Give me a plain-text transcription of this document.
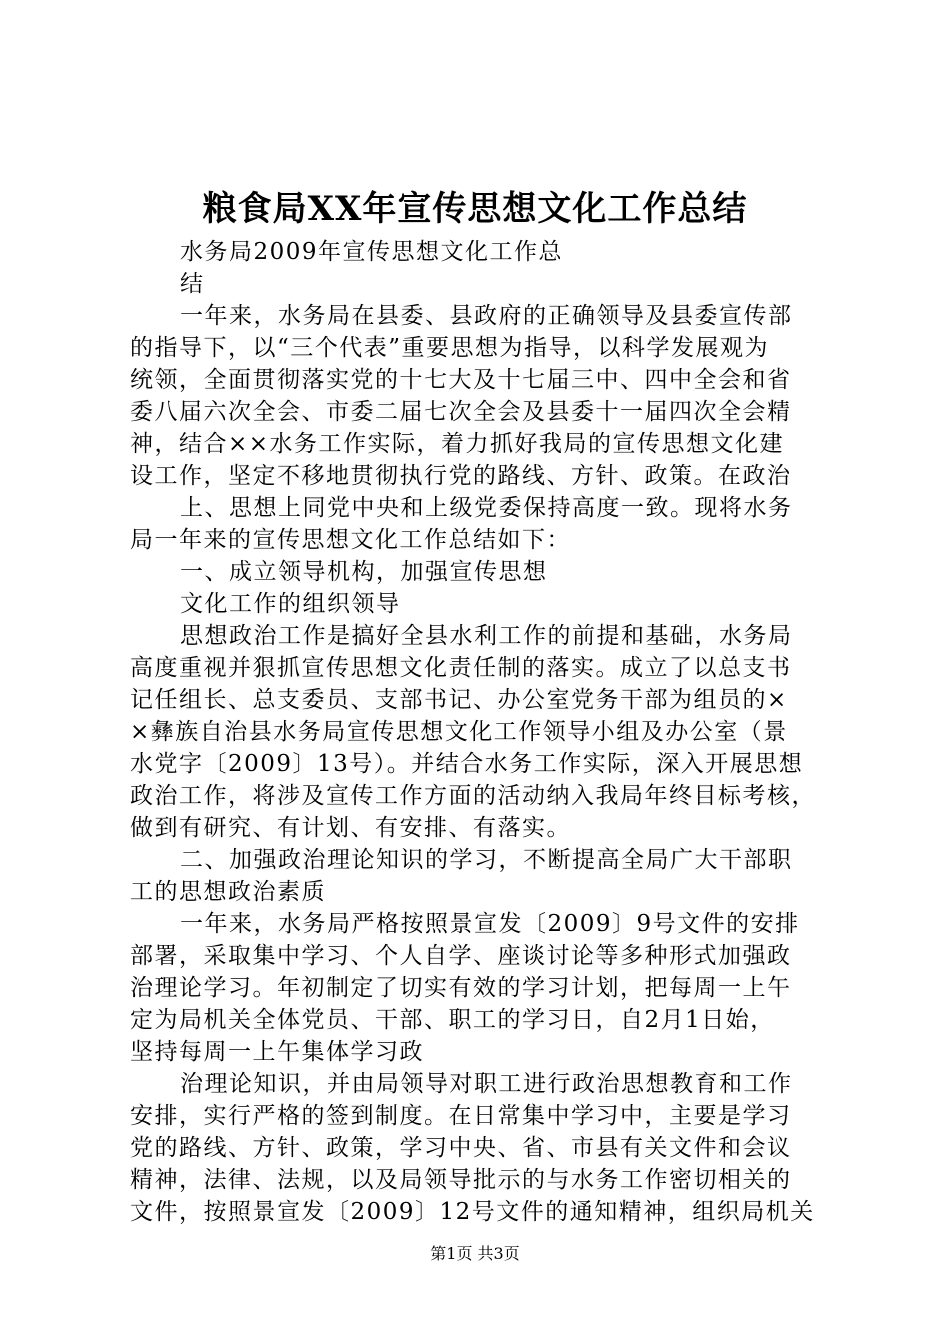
粮食局XX年宣传思想文化工作总结
水务局2009年宣传思想文化工作总
结
一年来，水务局在县委、县政府的正确领导及县委宣传部
的指导下，以“三个代表”重要思想为指导，以科学发展观为
统领，全面贯彻落实党的十七大及十七届三中、四中全会和省
委八届六次全会、市委二届七次全会及县委十一届四次全会精
神，结合××水务工作实际，着力抓好我局的宣传思想文化建
设工作，坚定不移地贯彻执行党的路线、方针、政策。在政治
上、思想上同党中央和上级党委保持高度一致。现将水务
局一年来的宣传思想文化工作总结如下：
一、成立领导机构，加强宣传思想
文化工作的组织领导
思想政治工作是搞好全县水利工作的前提和基础，水务局
高度重视并狠抓宣传思想文化责任制的落实。成立了以总支书
记任组长、总支委员、支部书记、办公室党务干部为组员的×
×彝族自治县水务局宣传思想文化工作领导小组及办公室（景
水党字〔2009〕13号）。并结合水务工作实际，深入开展思想
政治工作，将涉及宣传工作方面的活动纳入我局年终目标考核，
做到有研究、有计划、有安排、有落实。
二、加强政治理论知识的学习，不断提高全局广大干部职
工的思想政治素质
一年来，水务局严格按照景宣发〔2009〕9号文件的安排
部署，采取集中学习、个人自学、座谈讨论等多种形式加强政
治理论学习。年初制定了切实有效的学习计划，把每周一上午
定为局机关全体党员、干部、职工的学习日，自2月1日始，
坚持每周一上午集体学习政
治理论知识，并由局领导对职工进行政治思想教育和工作
安排，实行严格的签到制度。在日常集中学习中，主要是学习
党的路线、方针、政策，学习中央、省、市县有关文件和会议
精神，法律、法规，以及局领导批示的与水务工作密切相关的
文件，按照景宣发〔2009〕12号文件的通知精神，组织局机关
第1页 共3页
